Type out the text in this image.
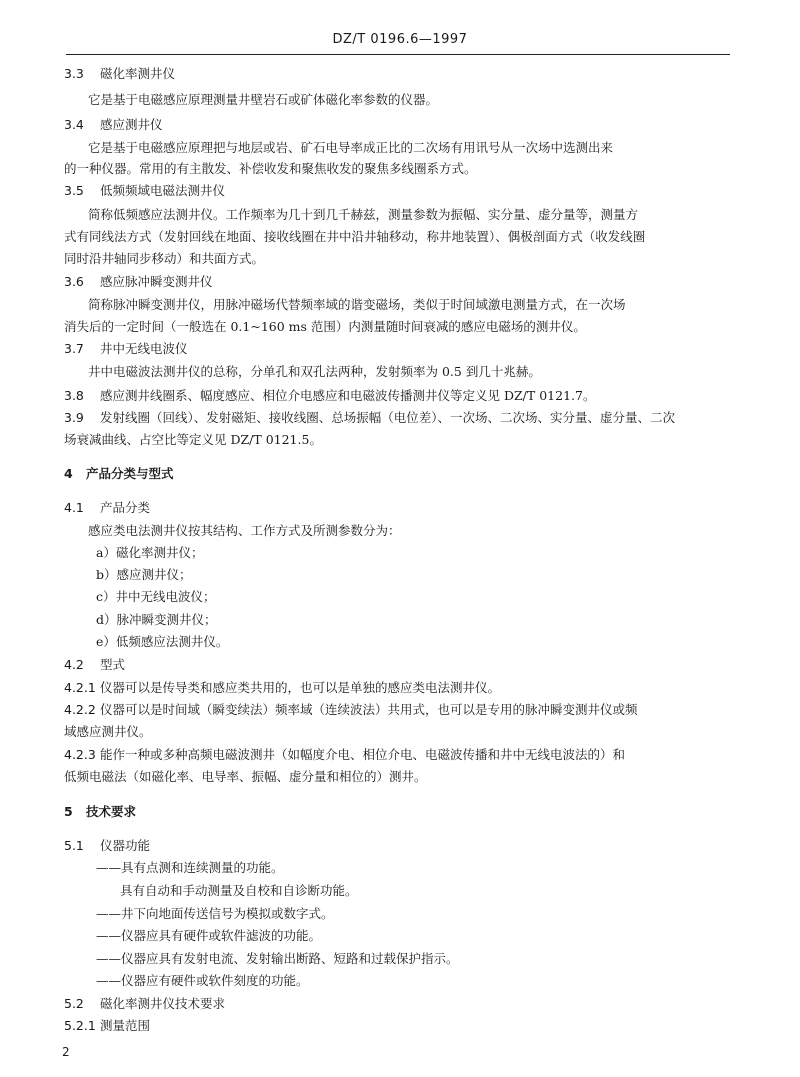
DZ/T 0196.6—1997
3.3 磁化率测井仪
它是基于电磁感应原理测量井壁岩石或矿体磁化率参数的仪器。
3.4 感应测井仪
它是基于电磁感应原理把与地层或岩、矿石电导率成正比的二次场有用讯号从一次场中选测出来
的一种仪器。常用的有主散发、补偿收发和聚焦收发的聚焦多线圈系方式。
3.5 低频频域电磁法测井仪
简称低频感应法测井仪。工作频率为几十到几千赫兹，测量参数为振幅、实分量、虚分量等，测量方
式有同线法方式（发射回线在地面、接收线圈在井中沿井轴移动，称井地装置）、偶极剖面方式（收发线圈
同时沿井轴同步移动）和共面方式。
3.6 感应脉冲瞬变测井仪
简称脉冲瞬变测井仪，用脉冲磁场代替频率域的谐变磁场，类似于时间域激电测量方式，在一次场
消失后的一定时间（一般选在 0.1~160 ms 范围）内测量随时间衰减的感应电磁场的测井仪。
3.7 井中无线电波仪
井中电磁波法测井仪的总称，分单孔和双孔法两种，发射频率为 0.5 到几十兆赫。
3.8 感应测井线圈系、幅度感应、相位介电感应和电磁波传播测井仪等定义见 DZ/T 0121.7。
3.9 发射线圈（回线）、发射磁矩、接收线圈、总场振幅（电位差）、一次场、二次场、实分量、虚分量、二次
场衰减曲线、占空比等定义见 DZ/T 0121.5。
4 产品分类与型式
4.1 产品分类
感应类电法测井仪按其结构、工作方式及所测参数分为：
a）磁化率测井仪；
b）感应测井仪；
c）井中无线电波仪；
d）脉冲瞬变测井仪；
e）低频感应法测井仪。
4.2 型式
4.2.1 仪器可以是传导类和感应类共用的，也可以是单独的感应类电法测井仪。
4.2.2 仪器可以是时间域（瞬变续法）频率域（连续波法）共用式，也可以是专用的脉冲瞬变测井仪或频
域感应测井仪。
4.2.3 能作一种或多种高频电磁波测井（如幅度介电、相位介电、电磁波传播和井中无线电波法的）和
低频电磁法（如磁化率、电导率、振幅、虚分量和相位的）测井。
5 技术要求
5.1 仪器功能
——具有点测和连续测量的功能。
具有自动和手动测量及自校和自诊断功能。
——井下向地面传送信号为模拟或数字式。
——仪器应具有硬件或软件滤波的功能。
——仪器应具有发射电流、发射输出断路、短路和过载保护指示。
——仪器应有硬件或软件刻度的功能。
5.2 磁化率测井仪技术要求
5.2.1 测量范围
2
